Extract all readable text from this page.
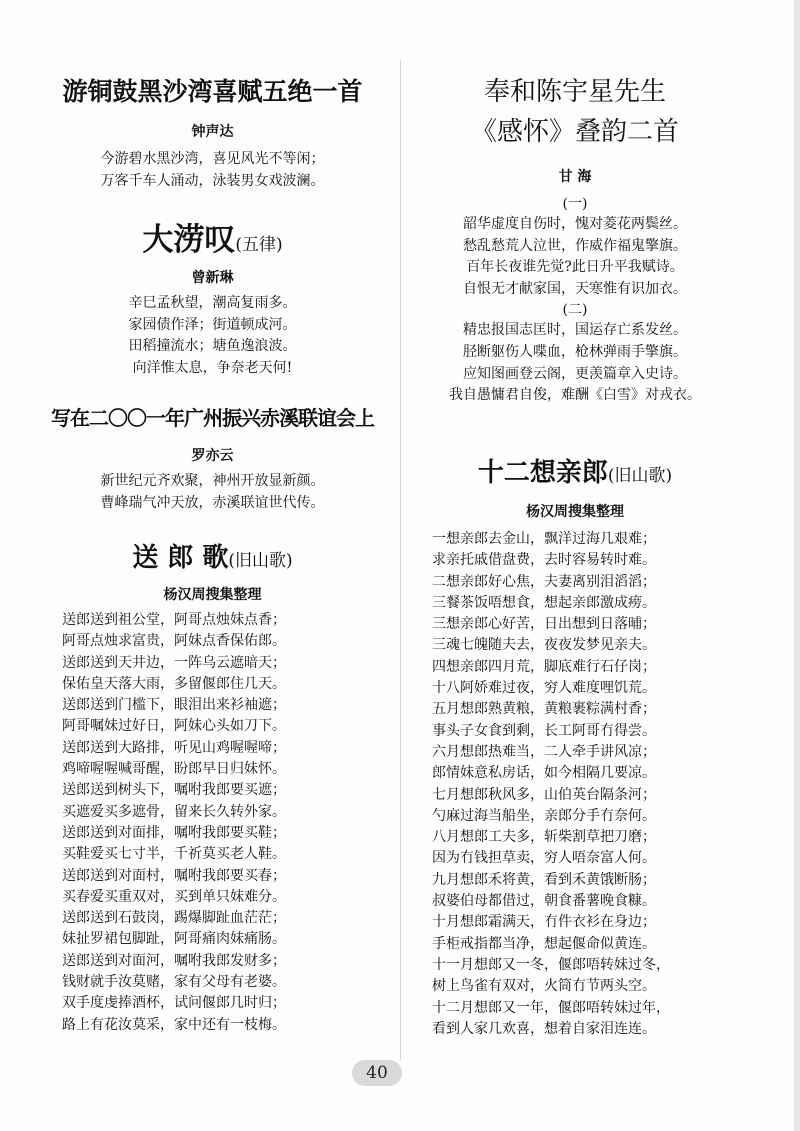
游铜鼓黑沙湾喜赋五绝一首
钟声达
今游碧水黑沙湾，喜见风光不等闲；
万客千车人涌动，泳装男女戏波澜。
大涝叹(五律)
曾新琳
辛巳孟秋望，潮高复雨多。
家园债作泽；街道顿成河。
田稻撞流水；塘鱼逸浪波。
向洋惟太息，争奈老天何!
写在二〇〇一年广州振兴赤溪联谊会上
罗亦云
新世纪元齐欢聚，神州开放显新颜。
曹峰瑞气冲天放，赤溪联谊世代传。
送 郎 歌(旧山歌)
杨汉周搜集整理
送郎送到祖公堂，阿哥点烛妹点香；
阿哥点烛求富贵，阿妹点香保佑郎。
送郎送到天井边，一阵乌云遮暗天；
保佑皇天落大雨，多留偃郎住几天。
送郎送到门槛下，眼泪出来衫袖遮；
阿哥嘱妹过好日，阿妹心头如刀下。
送郎送到大路排，听见山鸡喔喔啼；
鸡啼喔喔喊哥醒，盼郎早日归妹怀。
送郎送到树头下，嘱咐我郎要买遮；
买遮爱买多遮骨，留来长久转外家。
送郎送到对面排，嘱咐我郎要买鞋；
买鞋爱买七寸半，千祈莫买老人鞋。
送郎送到对面村，嘱咐我郎要买春；
买春爱买重双对，买到单只妹难分。
送郎送到石鼓岗，踢爆脚趾血茫茫；
妹扯罗裙包脚趾，阿哥痛肉妹痛肠。
送郎送到对面河，嘱咐我郎发财多；
钱财就手汝莫赌，家有父母有老婆。
双手度虔捧酒杯，试问偃郎几时归；
路上有花汝莫采，家中还有一枝梅。
奉和陈宇星先生
《感怀》叠韵二首
甘 海
(一)
韶华虚度自伤时，愧对菱花两鬓丝。
愁乱愁荒人泣世，作威作福鬼擎旗。
百年长夜谁先觉?此日升平我赋诗。
自恨无才献家国，天寒惟有识加衣。
(二)
精忠报国志匡时，国运存亡系发丝。
胫断躯伤人喋血，枪林弹雨手擎旗。
应知图画登云阁，更羡篇章入史诗。
我自愚慵君自俊，难酬《白雪》对戎衣。
十二想亲郎(旧山歌)
杨汉周搜集整理
一想亲郎去金山，飘洋过海几艰难；
求亲托戚借盘费，去时容易转时难。
二想亲郎好心焦，夫妻离别泪滔滔；
三餐茶饭唔想食，想起亲郎激成痨。
三想亲郎心好苦，日出想到日落晡；
三魂七魄随夫去，夜夜发梦见亲夫。
四想亲郎四月荒，脚底难行石仔岗；
十八阿娇难过夜，穷人难度哩饥荒。
五月想郎熟黄粮，黄粮裹粽满村香；
事头子女食到剩，长工阿哥冇得尝。
六月想郎热难当，二人牵手讲风凉；
郎情妹意私房话，如今相隔几要凉。
七月想郎秋风多，山伯英台隔条河；
勺麻过海当船坐，亲郎分手冇奈何。
八月想郎工夫多，斩柴割草把刀磨；
因为冇钱担草卖，穷人唔奈富人何。
九月想郎禾将黄，看到禾黄饿断肠；
叔婆伯母都借过，朝食番薯晚食糠。
十月想郎霜满天，冇件衣衫在身边；
手柜戒指都当净，想起偃命似黄连。
十一月想郎又一冬，偃郎唔转妹过冬，
树上鸟雀有双对，火筒冇节两头空。
十二月想郎又一年，偃郎唔转妹过年，
看到人家几欢喜，想着自家泪连连。
40
